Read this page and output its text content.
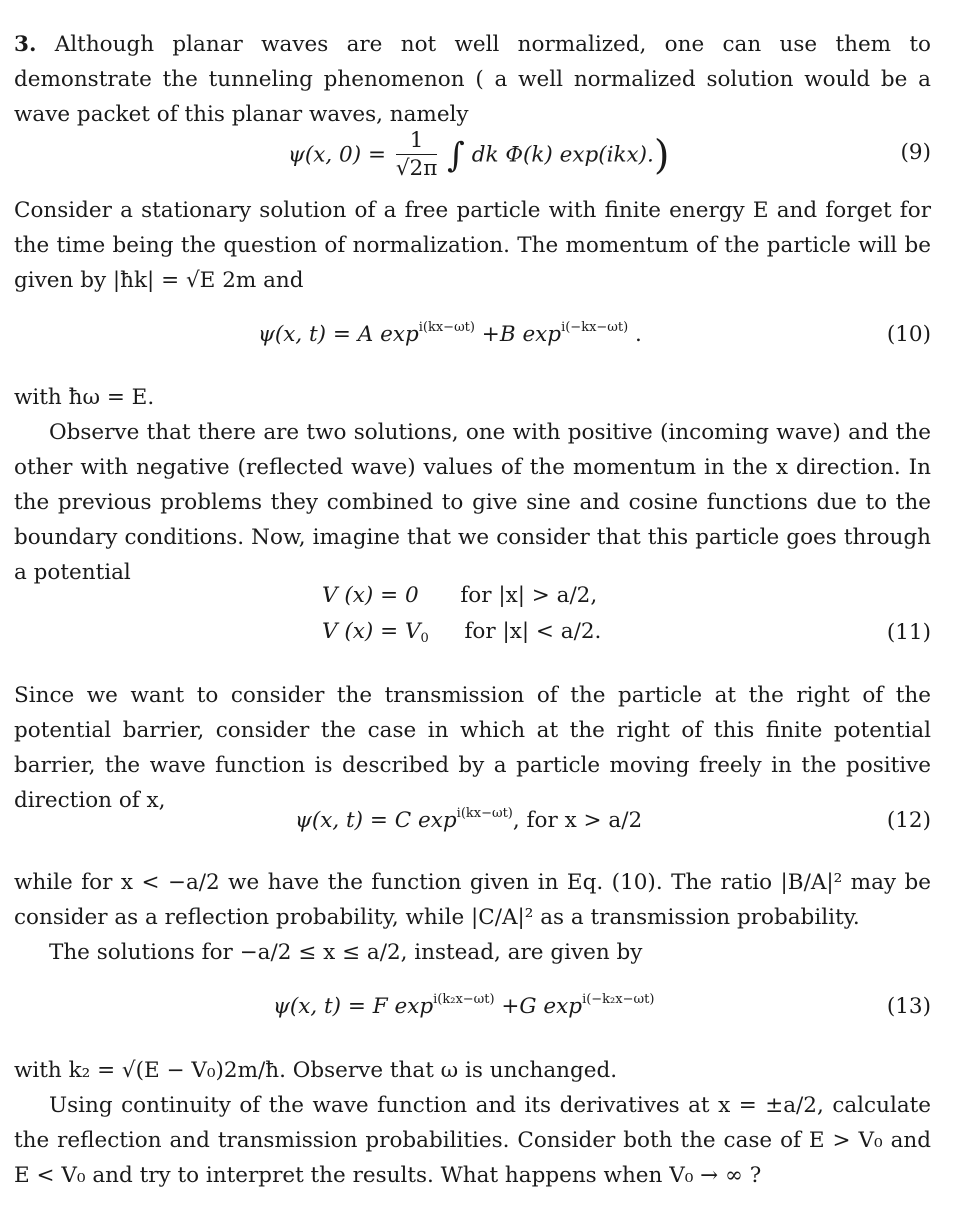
3. Although planar waves are not well normalized, one can use them to demonstrate the tunneling phenomenon ( a well normalized solution would be a wave packet of this planar waves, namely
ψ(x, $0) = \frac{1}{√2\pi}$ ∫ dk Φ(k) exp(ikx).)	(9)
Consider a stationary solution of a free particle with finite energy E and forget for the time being the question of normalization. The momentum of the particle will be given by |ħk| = √E 2m and
ψ(x, t) = A $\exp^{i(kx-\omega t)} +B$ $\exp^{i(-kx-\omega t)}$ .	(10)
with ħω = E.
Observe that there are two solutions, one with positive (incoming wave) and the other with negative (reflected wave) values of the momentum in the x direction. In the previous problems they combined to give sine and cosine functions due to the boundary conditions. Now, imagine that we consider that this particle goes through a potential
V (x) = 0 for |x| > a/2,
V $(x) = V_0$ for |x| < a/2.	(11)
Since we want to consider the transmission of the particle at the right of the potential barrier, consider the case in which at the right of this finite potential barrier, the wave function is described by a particle moving freely in the positive direction of x,
ψ(x, t) = C $\exp^{i(kx-\omega t)}$, for x > a/2	(12)
while for x < −a/2 we have the function given in Eq. (10). The ratio |B/A|² may be consider as a reflection probability, while |C/A|² as a transmission probability.
The solutions for −a/2 ≤ x ≤ a/2, instead, are given by
ψ(x, t) = F $\exp^{i(k_2x-\omega t)} +G$ $\exp^{i(-k_2x-\omega t)}$	(13)
with k₂ = √(E − V₀)2m/ħ. Observe that ω is unchanged.
Using continuity of the wave function and its derivatives at x = ±a/2, calculate the reflection and transmission probabilities. Consider both the case of E > V₀ and E < V₀ and try to interpret the results. What happens when V₀ → ∞ ?
